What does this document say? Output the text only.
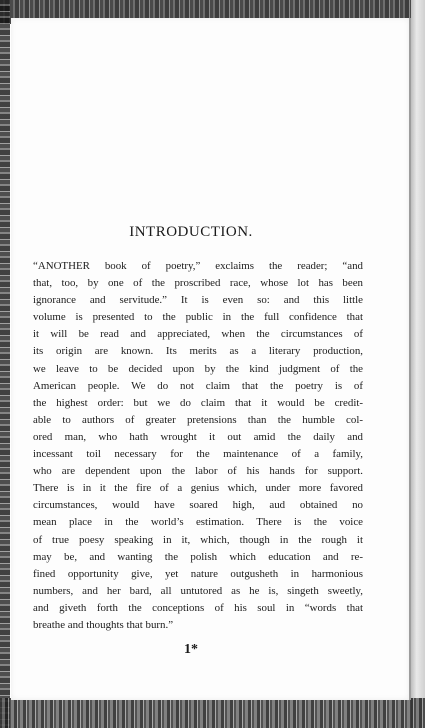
INTRODUCTION.
“ANOTHER book of poetry,” exclaims the reader; “and
that, too, by one of the proscribed race, whose lot has been
ignorance and servitude.” It is even so: and this little
volume is presented to the public in the full confidence that
it will be read and appreciated, when the circumstances of
its origin are known. Its merits as a literary production,
we leave to be decided upon by the kind judgment of the
American people. We do not claim that the poetry is of
the highest order: but we do claim that it would be credit-
able to authors of greater pretensions than the humble col-
ored man, who hath wrought it out amid the daily and
incessant toil necessary for the maintenance of a family,
who are dependent upon the labor of his hands for support.
There is in it the fire of a genius which, under more favored
circumstances, would have soared high, aud obtained no
mean place in the world’s estimation. There is the voice
of true poesy speaking in it, which, though in the rough it
may be, and wanting the polish which education and re-
fined opportunity give, yet nature outgusheth in harmonious
numbers, and her bard, all untutored as he is, singeth sweetly,
and giveth forth the conceptions of his soul in “words that
breathe and thoughts that burn.”
1*
